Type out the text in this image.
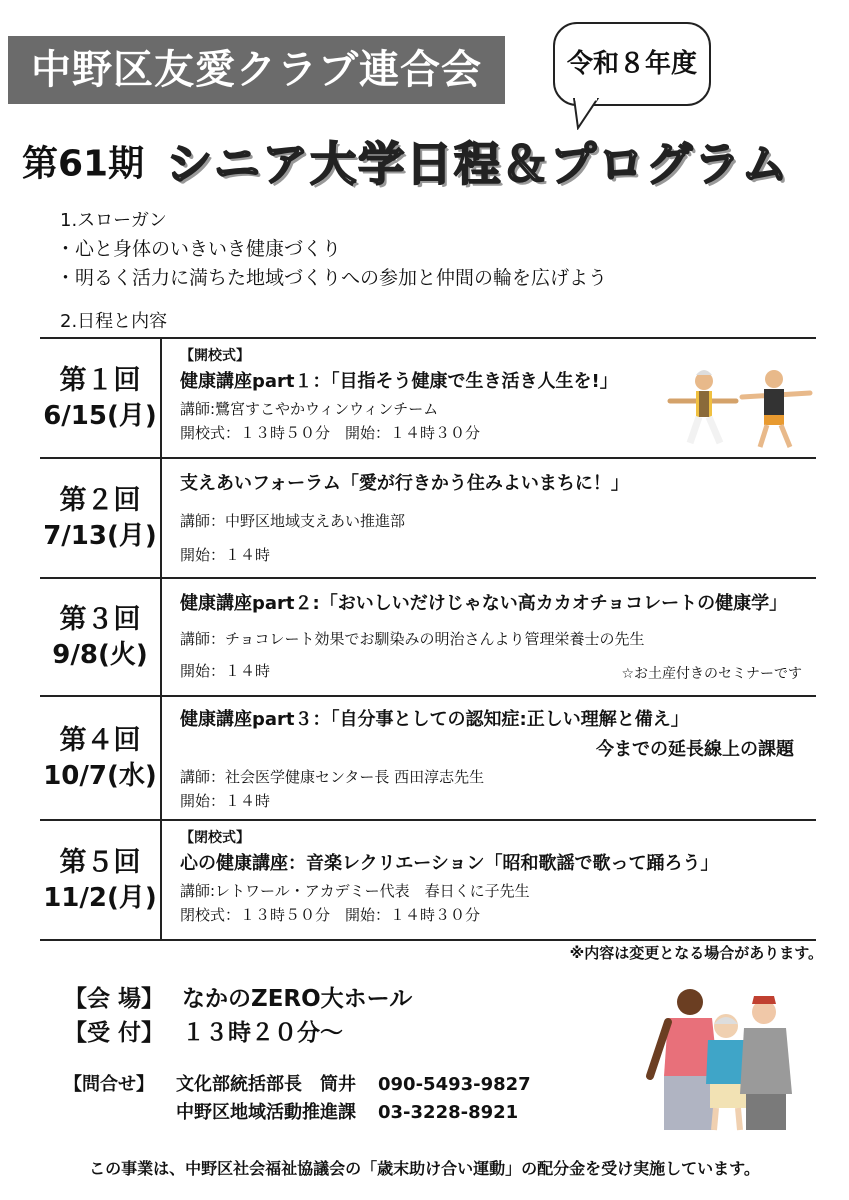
中野区友愛クラブ連合会	令和８年度
第61期 シニア大学日程＆プログラム
1.スローガン
・心と身体のいきいき健康づくり
・明るく活力に満ちた地域づくりへの参加と仲間の輪を広げよう
2.日程と内容
第１回
6/15(月)
【開校式】
健康講座part１：「目指そう健康で生き活き人生を!」
講師:鷺宮すこやかウィンウィンチーム
開校式：１３時５０分　開始：１４時３０分
第２回
7/13(月)
支えあいフォーラム「愛が行きかう住みよいまちに！」
講師：中野区地域支えあい推進部
開始：１４時
第３回
9/8(火)
健康講座part２:「おいしいだけじゃない高カカオチョコレートの健康学」
講師：チョコレート効果でお馴染みの明治さんより管理栄養士の先生
開始：１４時	☆お土産付きのセミナーです
第４回
10/7(水)
健康講座part３：「自分事としての認知症:正しい理解と備え」
今までの延長線上の課題
講師：社会医学健康センター長 西田淳志先生
開始：１４時
第５回
11/2(月)
【閉校式】
心の健康講座：音楽レクリエーション「昭和歌謡で歌って踊ろう」
講師:レトワール・アカデミー代表　春日くに子先生
閉校式：１３時５０分　開始：１４時３０分
※内容は変更となる場合があります。
【会 場】 なかのZERO大ホール
【受 付】 １３時２０分～
【問合せ】 文化部統括部長　筒井 090-5493-9827
中野区地域活動推進課 03-3228-8921
この事業は、中野区社会福祉協議会の「歳末助け合い運動」の配分金を受け実施しています。
